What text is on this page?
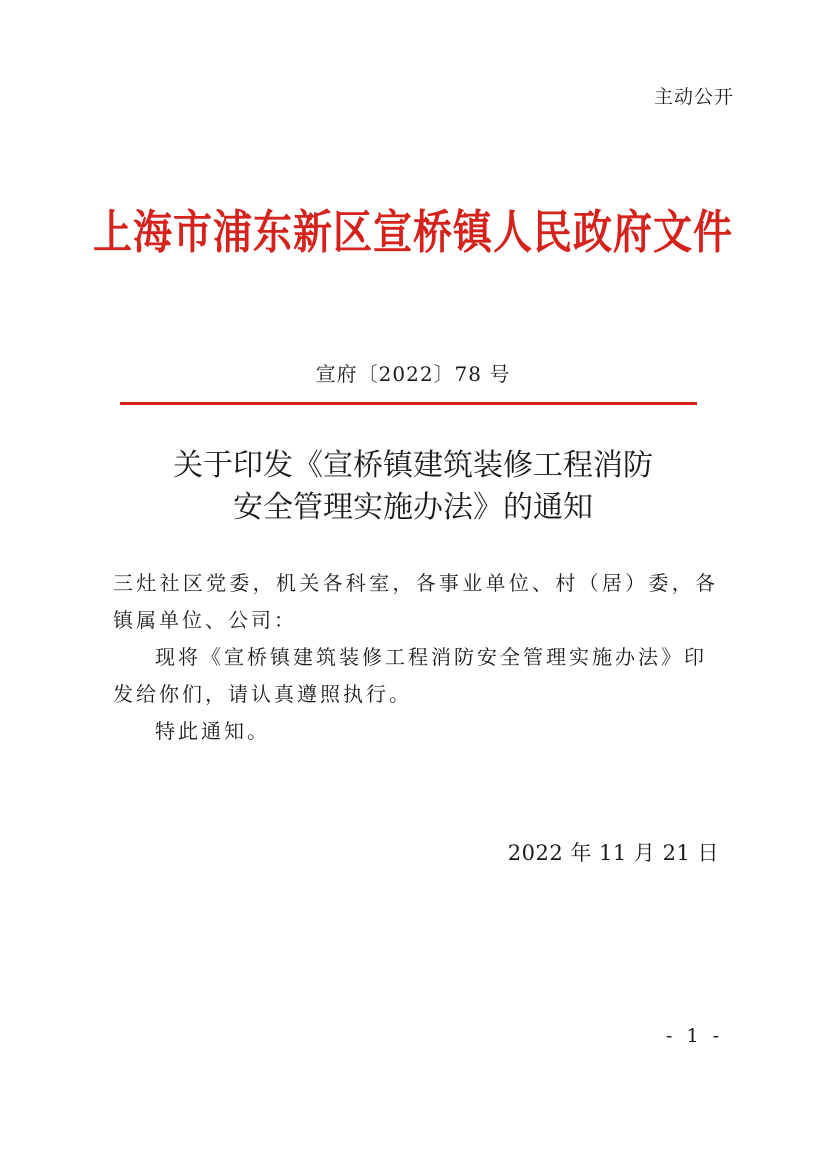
主动公开
上海市浦东新区宣桥镇人民政府文件
宣府〔2022〕78 号
关于印发《宣桥镇建筑装修工程消防
安全管理实施办法》的通知
三灶社区党委，机关各科室，各事业单位、村（居）委，各镇属单位、公司：
现将《宣桥镇建筑装修工程消防安全管理实施办法》印发给你们，请认真遵照执行。
特此通知。
2022 年 11 月 21 日
- 1 -
